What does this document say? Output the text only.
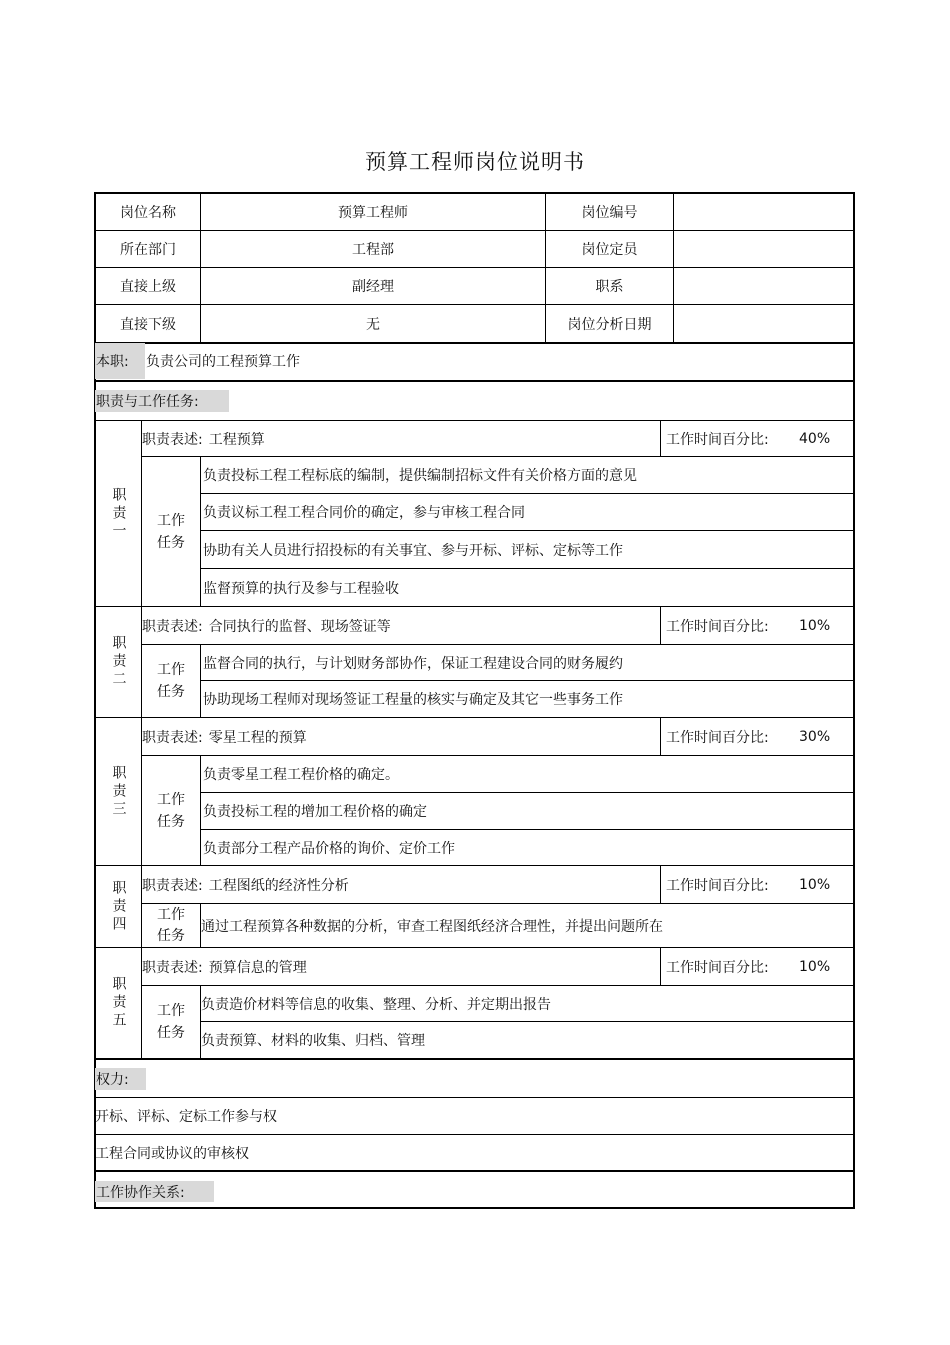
预算工程师岗位说明书
岗位名称	预算工程师	岗位编号
所在部门	工程部	岗位定员
直接上级	副经理	职系
直接下级	无	岗位分析日期
本职:	负责公司的工程预算工作
职责与工作任务:
职责一
职责表述: 工程预算	工作时间百分比:	40%
工作任务
负责投标工程工程标底的编制，提供编制招标文件有关价格方面的意见
负责议标工程工程合同价的确定，参与审核工程合同
协助有关人员进行招投标的有关事宜、参与开标、评标、定标等工作
监督预算的执行及参与工程验收
职责二
职责表述: 合同执行的监督、现场签证等	工作时间百分比:	10%
工作任务
监督合同的执行，与计划财务部协作，保证工程建设合同的财务履约
协助现场工程师对现场签证工程量的核实与确定及其它一些事务工作
职责三
职责表述: 零星工程的预算	工作时间百分比:	30%
工作任务
负责零星工程工程价格的确定。
负责投标工程的增加工程价格的确定
负责部分工程产品价格的询价、定价工作
职责四 职责表述: 工程图纸的经济性分析	工作时间百分比:	10%
工作任务
通过工程预算各种数据的分析，审查工程图纸经济合理性，并提出问题所在
职责五
职责表述: 预算信息的管理	工作时间百分比:	10%
工作任务
负责造价材料等信息的收集、整理、分析、并定期出报告
负责预算、材料的收集、归档、管理
权力:
开标、评标、定标工作参与权
工程合同或协议的审核权
工作协作关系:
